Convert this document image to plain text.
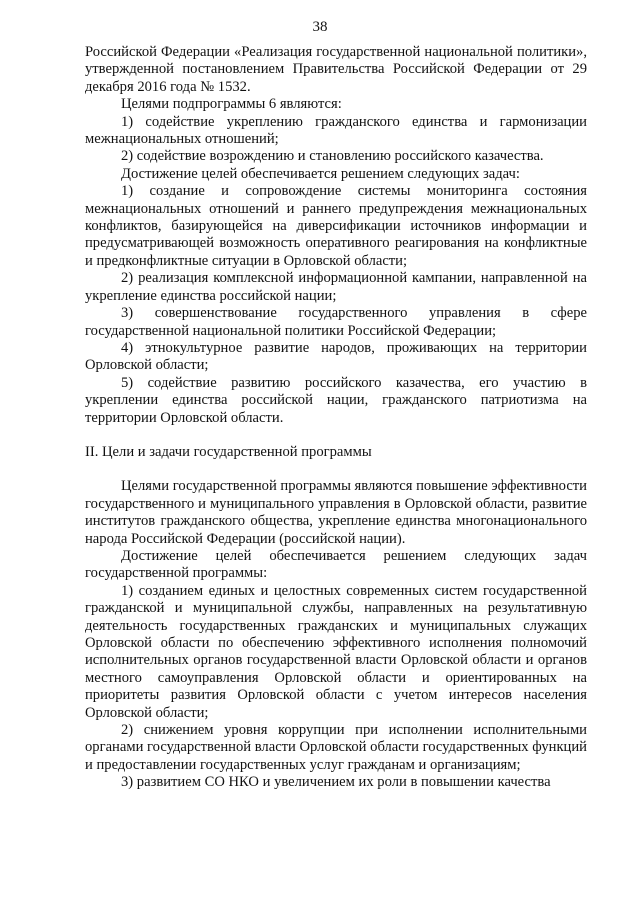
38

Российской Федерации «Реализация государственной национальной политики», утвержденной постановлением Правительства Российской Федерации от 29 декабря 2016 года № 1532.

Целями подпрограммы 6 являются:

1) содействие укреплению гражданского единства и гармонизации межнациональных отношений;

2) содействие возрождению и становлению российского казачества.

Достижение целей обеспечивается решением следующих задач:

1) создание и сопровождение системы мониторинга состояния межнациональных отношений и раннего предупреждения межнациональных конфликтов, базирующейся на диверсификации источников информации и предусматривающей возможность оперативного реагирования на конфликтные и предконфликтные ситуации в Орловской области;

2) реализация комплексной информационной кампании, направленной на укрепление единства российской нации;

3) совершенствование государственного управления в сфере государственной национальной политики Российской Федерации;

4) этнокультурное развитие народов, проживающих на территории Орловской области;

5) содействие развитию российского казачества, его участию в укреплении единства российской нации, гражданского патриотизма на территории Орловской области.

II. Цели и задачи государственной программы

Целями государственной программы являются повышение эффективности государственного и муниципального управления в Орловской области, развитие институтов гражданского общества, укрепление единства многонационального народа Российской Федерации (российской нации).

Достижение целей обеспечивается решением следующих задач государственной программы:

1) созданием единых и целостных современных систем государственной гражданской и муниципальной службы, направленных на результативную деятельность государственных гражданских и муниципальных служащих Орловской области по обеспечению эффективного исполнения полномочий исполнительных органов государственной власти Орловской области и органов местного самоуправления Орловской области и ориентированных на приоритеты развития Орловской области с учетом интересов населения Орловской области;

2) снижением уровня коррупции при исполнении исполнительными органами государственной власти Орловской области государственных функций и предоставлении государственных услуг гражданам и организациям;

3) развитием СО НКО и увеличением их роли в повышении качества
